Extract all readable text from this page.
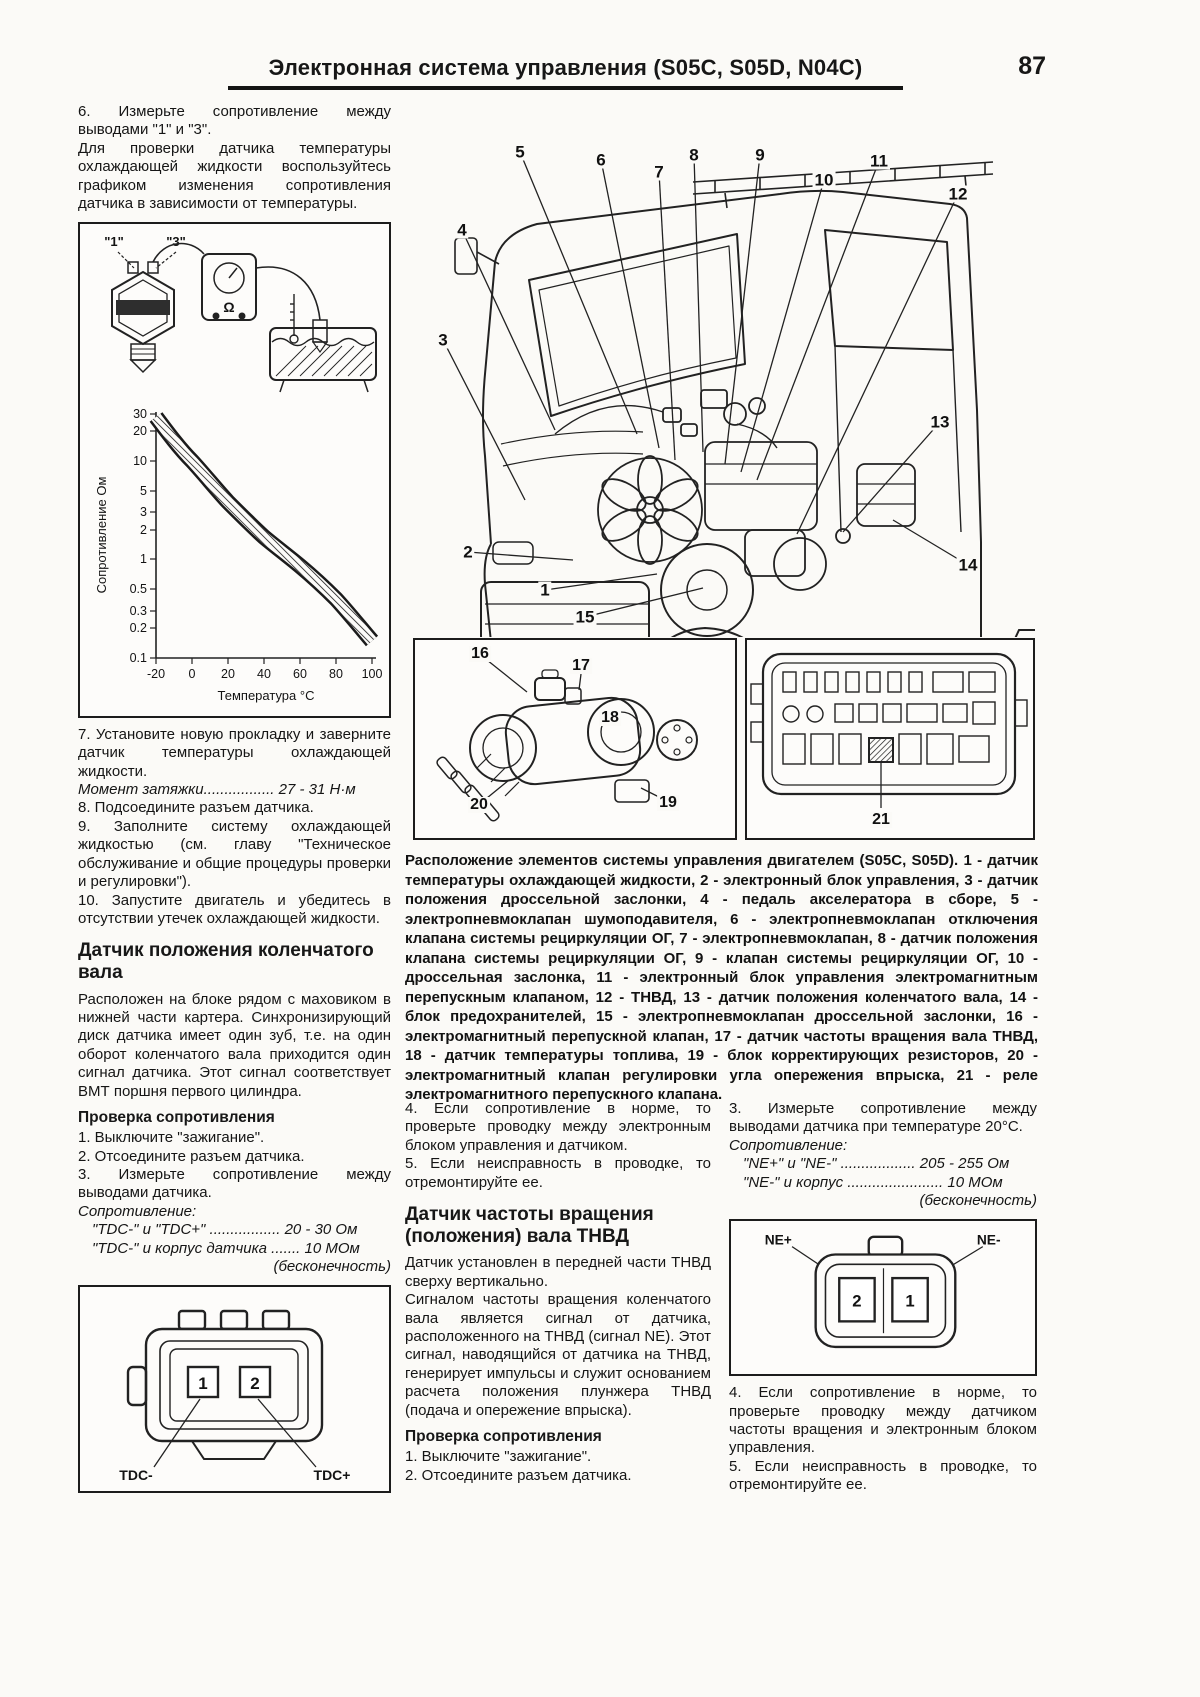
Электронная система управления (S05C, S05D, N04C)	87

6. Измерьте сопротивление между выводами "1" и "3".

Для проверки датчика температуры охлаждающей жидкости воспользуйтесь графиком изменения сопротивления датчика в зависимости от температуры.

"1"	"3"
Ω
30
20
10
5
3
2
1
0.5
0.3
0.2
0.1
-20 0 20 40 60 80 100
Сопротивление Ом
Температура °C

7. Установите новую прокладку и заверните датчик температуры охлаждающей жидкости.

Момент затяжки................. 27 - 31 Н·м

8. Подсоедините разъем датчика.

9. Заполните систему охлаждающей жидкостью (см. главу "Техническое обслуживание и общие процедуры проверки и регулировки").

10. Запустите двигатель и убедитесь в отсутствии утечек охлаждающей жидкости.

Датчик положения коленчатого вала

Расположен на блоке рядом с маховиком в нижней части картера. Синхронизирующий диск датчика имеет один зуб, т.е. на один оборот коленчатого вала приходится один сигнал датчика. Этот сигнал соответствует ВМТ поршня первого цилиндра.

Проверка сопротивления

1. Выключите "зажигание".

2. Отсоедините разъем датчика.

3. Измерьте сопротивление между выводами датчика.

Сопротивление:

"TDC-" и "TDC+" ................. 20 - 30 Ом

"TDC-" и корпус датчика ....... 10 МОм

(бесконечность)

1	2
TDC-	TDC+
1
2
3
4
5	6
7
8	9
10
11
12
13
14
15
16
17
18
19
20
21

Расположение элементов системы управления двигателем (S05C, S05D). 1 - датчик температуры охлаждающей жидкости, 2 - электронный блок управления, 3 - датчик положения дроссельной заслонки, 4 - педаль акселератора в сборе, 5 - электропневмоклапан шумоподавителя, 6 - электропневмоклапан отключения клапана системы рециркуляции ОГ, 7 - электропневмоклапан, 8 - датчик положения клапана системы рециркуляции ОГ, 9 - клапан системы рециркуляции ОГ, 10 - дроссельная заслонка, 11 - электронный блок управления электромагнитным перепускным клапаном, 12 - ТНВД, 13 - датчик положения коленчатого вала, 14 - блок предохранителей, 15 - электропневмоклапан дроссельной заслонки, 16 - электромагнитный перепускной клапан, 17 - датчик частоты вращения вала ТНВД, 18 - датчик температуры топлива, 19 - блок корректирующих резисторов, 20 - электромагнитный клапан регулировки угла опережения впрыска, 21 - реле электромагнитного перепускного клапана.

4. Если сопротивление в норме, то проверьте проводку между электронным блоком управления и датчиком.

5. Если неисправность в проводке, то отремонтируйте ее.

Датчик частоты вращения (положения) вала ТНВД

Датчик установлен в передней части ТНВД сверху вертикально.

Сигналом частоты вращения коленчатого вала является сигнал от датчика, расположенного на ТНВД (сигнал NE). Этот сигнал, наводящийся от датчика на ТНВД, генерирует импульсы и служит основанием расчета положения плунжера ТНВД (подача и опережение впрыска).

Проверка сопротивления

1. Выключите "зажигание".

2. Отсоедините разъем датчика.

3. Измерьте сопротивление между выводами датчика при температуре 20°С.

Сопротивление:

"NE+" и "NE-" .................. 205 - 255 Ом

"NE-" и корпус ....................... 10 МОм

(бесконечность)

2	1
NE+	NE-

4. Если сопротивление в норме, то проверьте проводку между датчиком частоты вращения и электронным блоком управления.

5. Если неисправность в проводке, то отремонтируйте ее.
